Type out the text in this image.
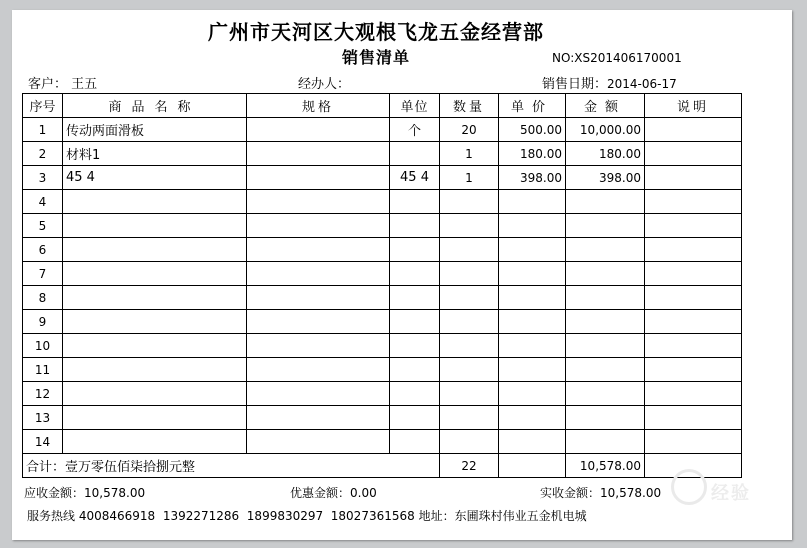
广州市天河区大观根飞龙五金经营部
销售清单	NO:XS201406170001
客户： 王五	经办人：	销售日期：2014-06-17
序号	商品名称	规格	单位	数量	单价	金额	说明
1	传动两面滑板		个	20	500.00	10,000.00	
2	材料1			1	180.00	180.00	
3	45 4		45 4	1	398.00	398.00	
4							
5							
6							
7							
8							
9							
10							
11							
12							
13							
14							
合计：壹万零伍佰柒拾捌元整				22		10,578.00	
应收金额：10,578.00	优惠金额：0.00	实收金额：10,578.00
服务热线 4008466918  13922712​86  1899830297  18027361568 地址：东圃珠村伟业五金机电城
经验
